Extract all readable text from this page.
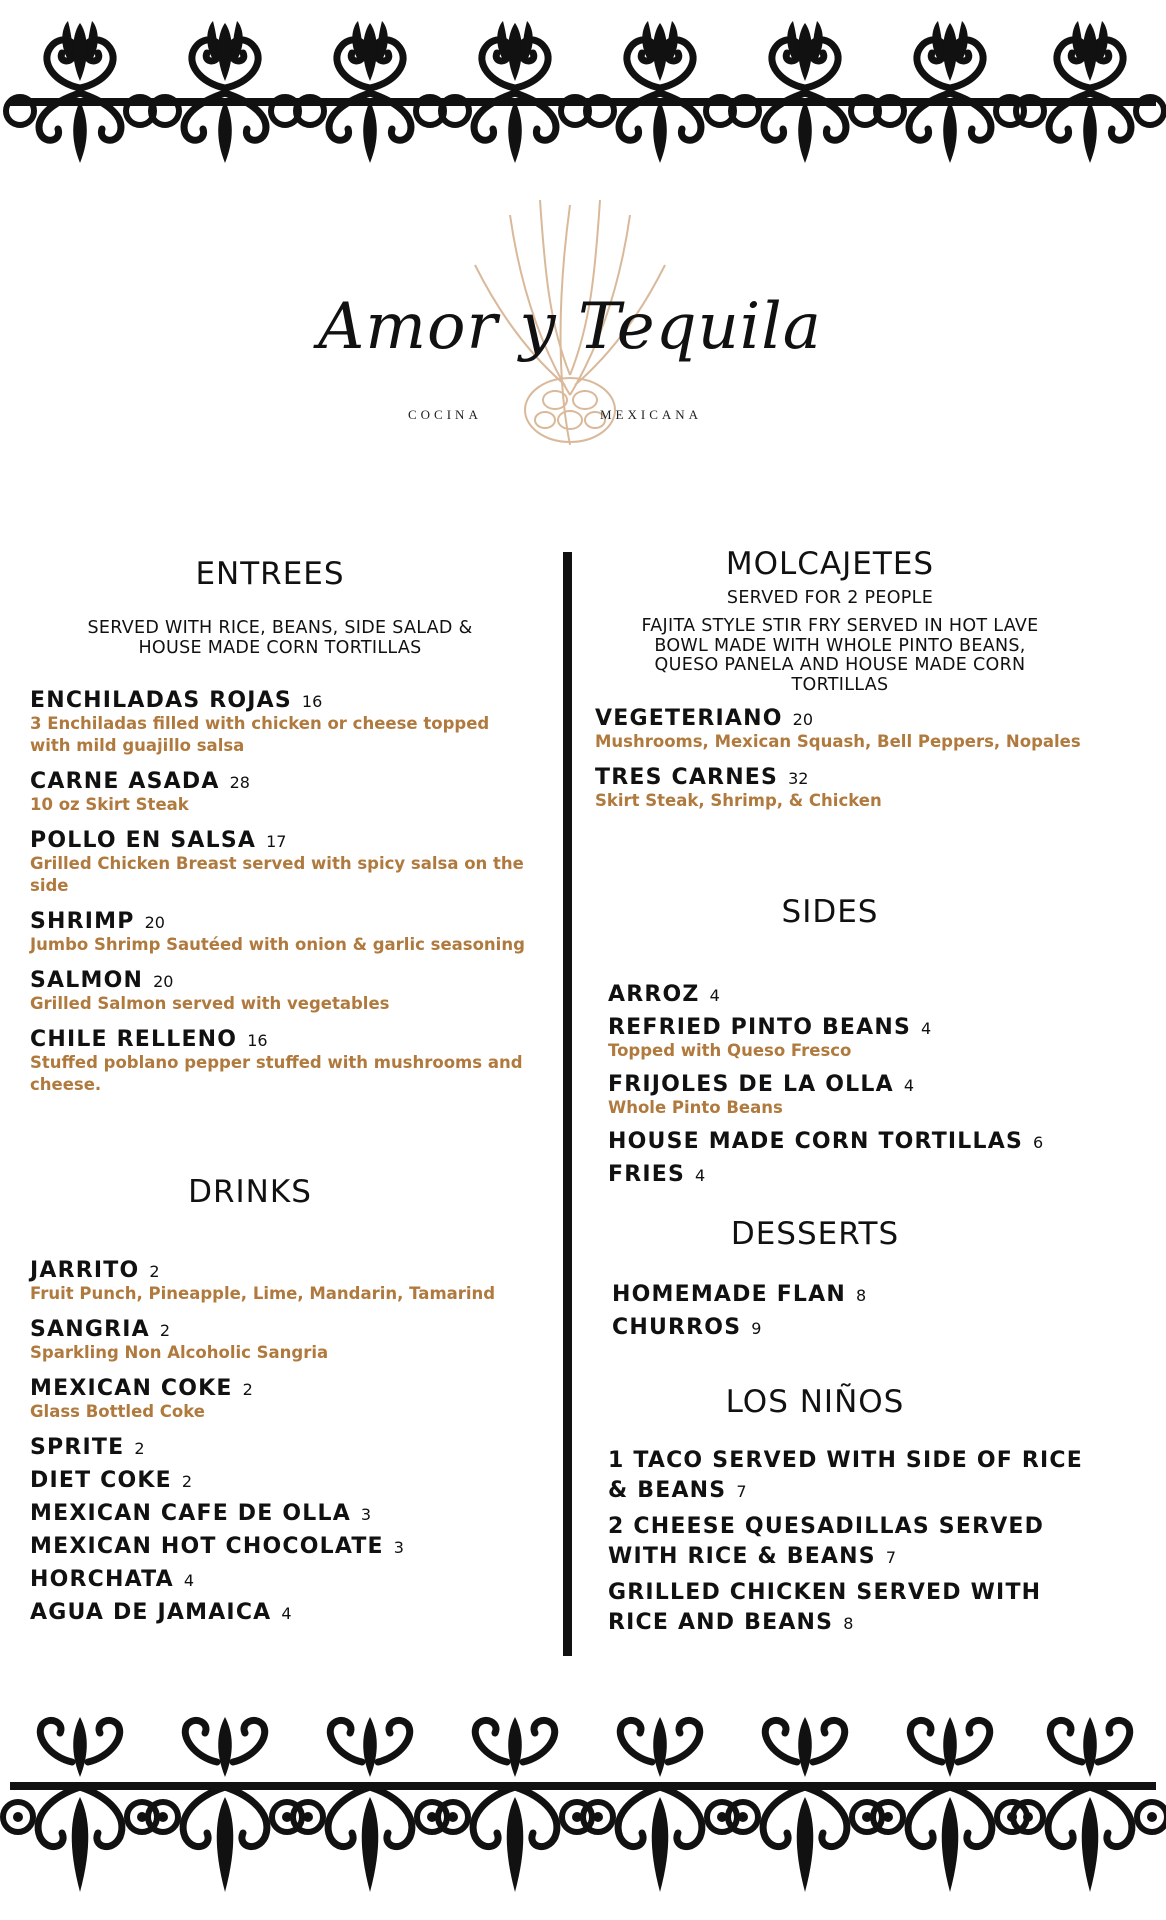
Amor y Tequila
COCINA	MEXICANA
ENTREES
SERVED WITH RICE, BEANS, SIDE SALAD & HOUSE MADE CORN TORTILLAS
ENCHILADAS ROJAS 16
3 Enchiladas filled with chicken or cheese topped with mild guajillo salsa
CARNE ASADA 28
10 oz Skirt Steak
POLLO EN SALSA 17
Grilled Chicken Breast served with spicy salsa on the side
SHRIMP 20
Jumbo Shrimp Sautéed with onion & garlic seasoning
SALMON 20
Grilled Salmon served with vegetables
CHILE RELLENO 16
Stuffed poblano pepper stuffed with mushrooms and cheese.
DRINKS
JARRITO 2
Fruit Punch, Pineapple, Lime, Mandarin, Tamarind
SANGRIA 2
Sparkling Non Alcoholic Sangria
MEXICAN COKE 2
Glass Bottled Coke
SPRITE 2
DIET COKE 2
MEXICAN CAFE DE OLLA 3
MEXICAN HOT CHOCOLATE 3
HORCHATA 4
AGUA DE JAMAICA 4
MOLCAJETES
SERVED FOR 2 PEOPLE
FAJITA STYLE STIR FRY SERVED IN HOT LAVE BOWL MADE WITH WHOLE PINTO BEANS, QUESO PANELA AND HOUSE MADE CORN TORTILLAS
VEGETERIANO 20
Mushrooms, Mexican Squash, Bell Peppers, Nopales
TRES CARNES 32
Skirt Steak, Shrimp, & Chicken
SIDES
ARROZ 4
REFRIED PINTO BEANS 4
Topped with Queso Fresco
FRIJOLES DE LA OLLA 4
Whole Pinto Beans
HOUSE MADE CORN TORTILLAS 6
FRIES 4
DESSERTS
HOMEMADE FLAN 8
CHURROS 9
LOS NIÑOS
1 TACO SERVED WITH SIDE OF RICE & BEANS 7
2 CHEESE QUESADILLAS SERVED WITH RICE & BEANS 7
GRILLED CHICKEN SERVED WITH RICE AND BEANS 8
